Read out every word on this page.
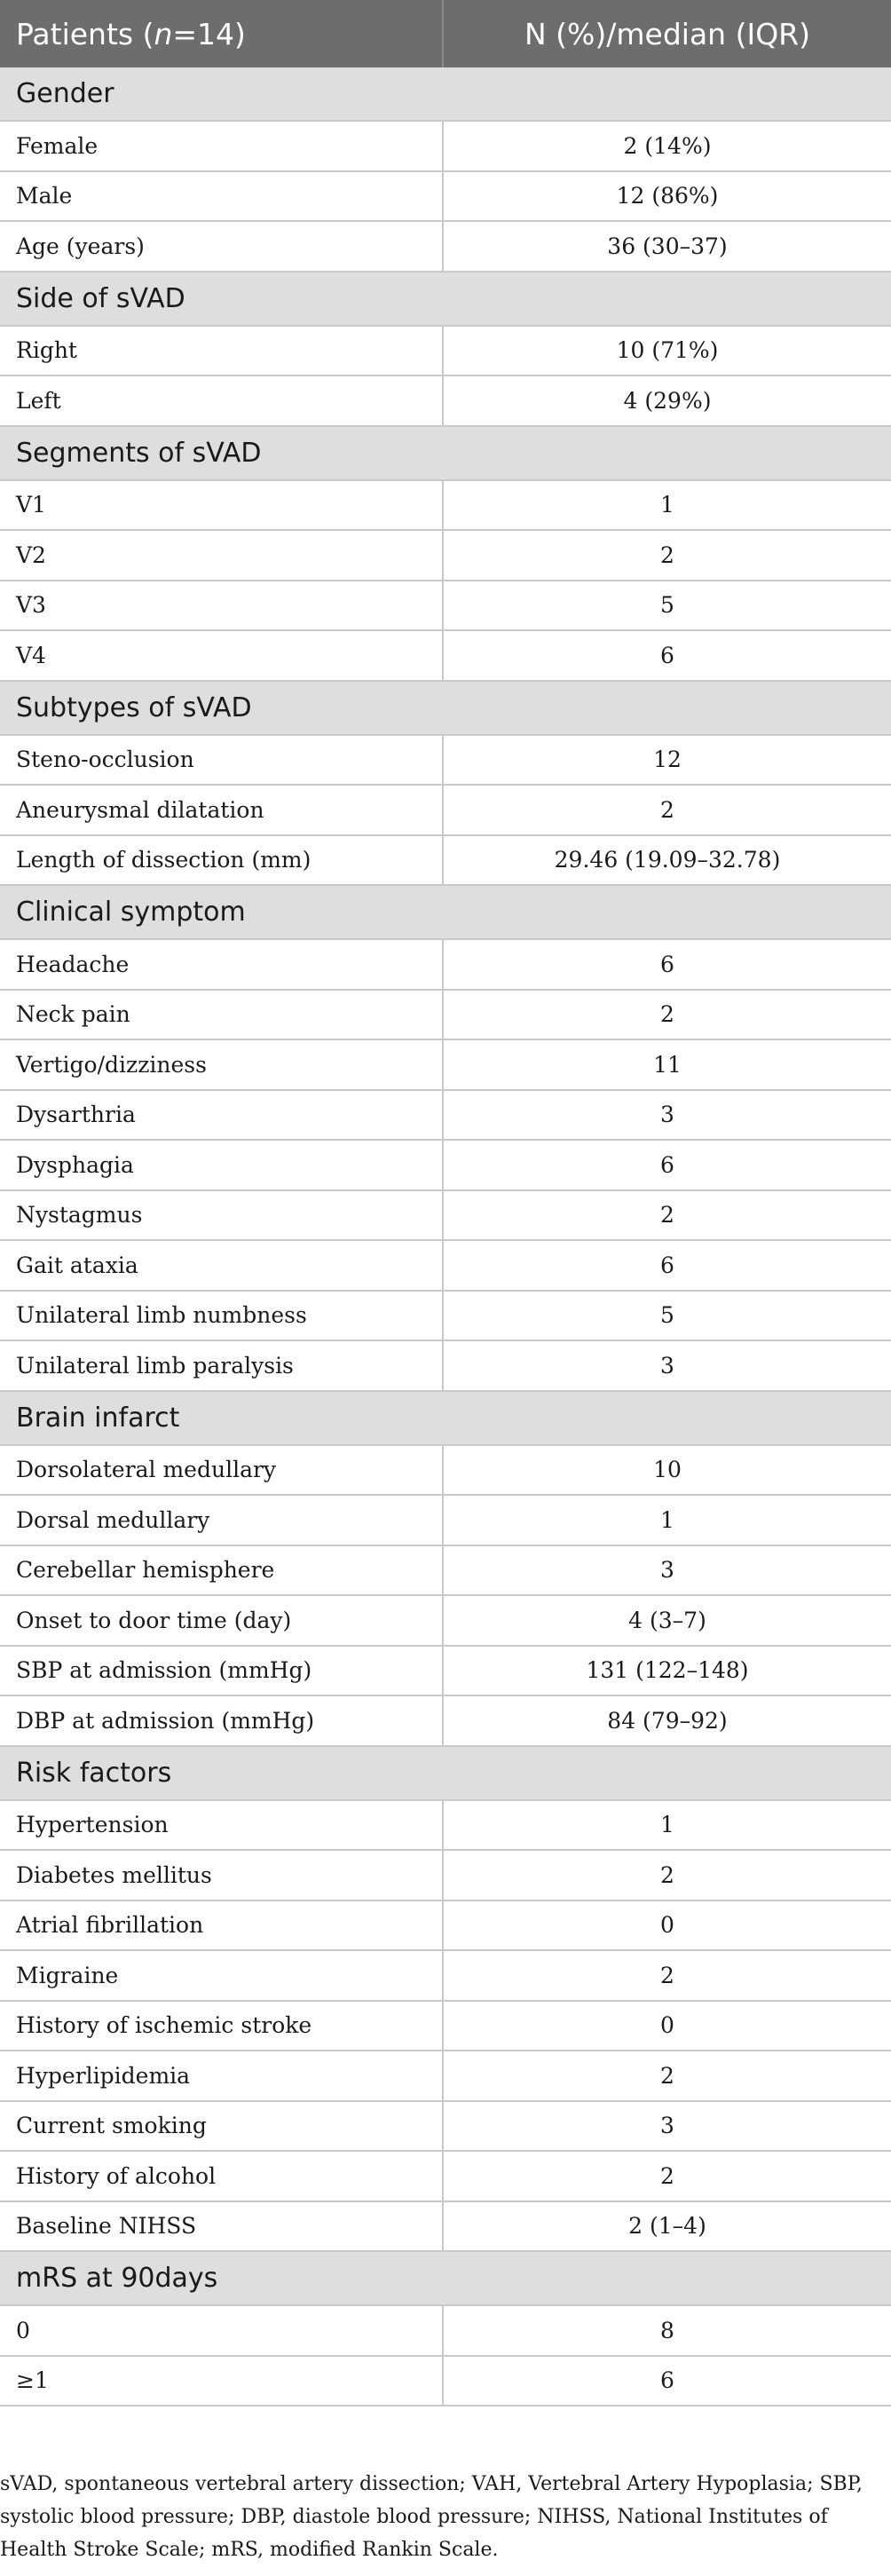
Patients ( n =14)	N (%)/median (IQR)
Gender
Female	2 (14%)
Male	12 (86%)
Age (years)	36 (30–37)
Side of sVAD
Right	10 (71%)
Left	4 (29%)
Segments of sVAD
V1	1
V2	2
V3	5
V4	6
Subtypes of sVAD
Steno-occlusion	12
Aneurysmal dilatation	2
Length of dissection (mm)	29.46 (19.09–32.78)
Clinical symptom
Headache	6
Neck pain	2
Vertigo/dizziness	11
Dysarthria	3
Dysphagia	6
Nystagmus	2
Gait ataxia	6
Unilateral limb numbness	5
Unilateral limb paralysis	3
Brain infarct
Dorsolateral medullary	10
Dorsal medullary	1
Cerebellar hemisphere	3
Onset to door time (day)	4 (3–7)
SBP at admission (mmHg)	131 (122–148)
DBP at admission (mmHg)	84 (79–92)
Risk factors
Hypertension	1
Diabetes mellitus	2
Atrial fibrillation	0
Migraine	2
History of ischemic stroke	0
Hyperlipidemia	2
Current smoking	3
History of alcohol	2
Baseline NIHSS	2 (1–4)
mRS at 90days
0	8
≥1	6
sVAD, spontaneous vertebral artery dissection; VAH, Vertebral Artery Hypoplasia; SBP, systolic blood pressure; DBP, diastole blood pressure; NIHSS, National Institutes of Health Stroke Scale; mRS, modified Rankin Scale.
